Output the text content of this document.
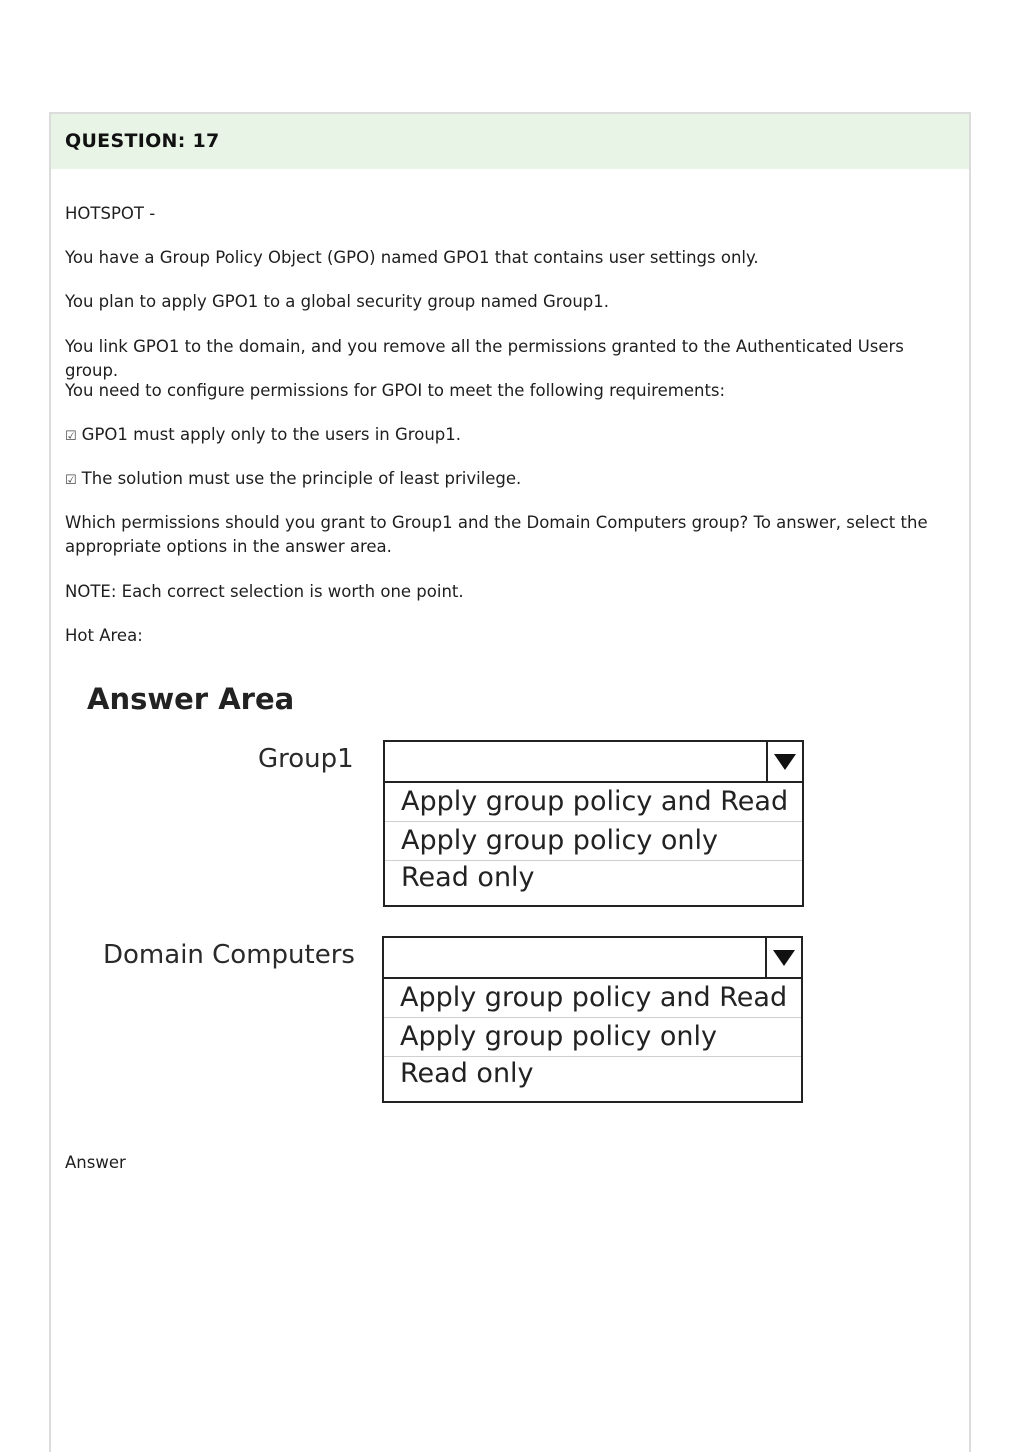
QUESTION: 17
HOTSPOT -
You have a Group Policy Object (GPO) named GPO1 that contains user settings only.
You plan to apply GPO1 to a global security group named Group1.
You link GPO1 to the domain, and you remove all the permissions granted to the Authenticated Users group.
You need to configure permissions for GPOI to meet the following requirements:
☑ GPO1 must apply only to the users in Group1.
☑ The solution must use the principle of least privilege.
Which permissions should you grant to Group1 and the Domain Computers group? To answer, select the appropriate options in the answer area.
NOTE: Each correct selection is worth one point.
Hot Area:
Answer Area
Group1
Apply group policy and Read
Apply group policy only
Read only
Domain Computers
Apply group policy and Read
Apply group policy only
Read only
Answer
